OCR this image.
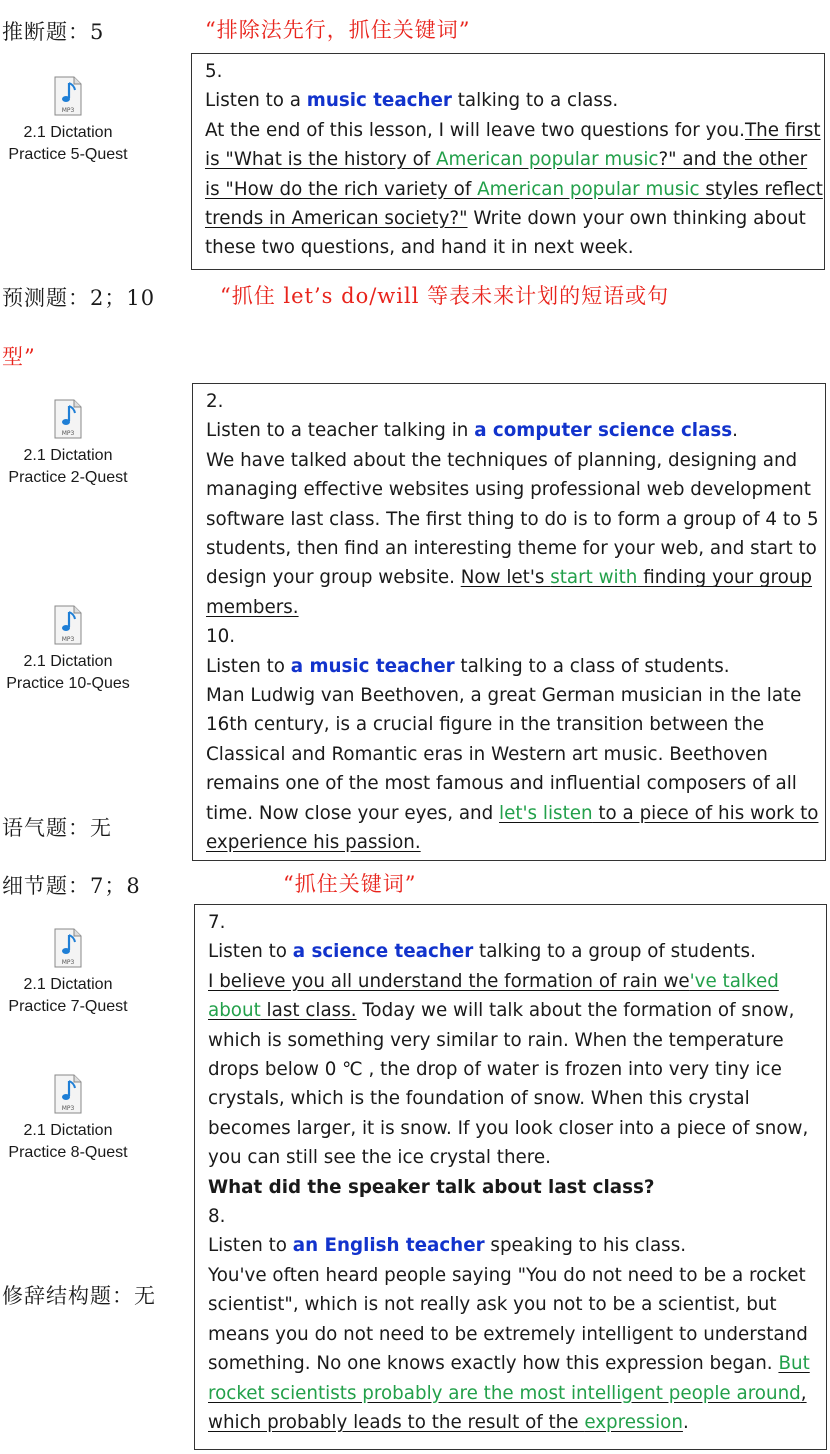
推断题：5	“排除法先行，抓住关键词”
MP3
2.1 Dictation
Practice 5-Quest

5.

Listen to a music teacher talking to a class.

At the end of this lesson, I will leave two questions for you.The first is "What is the history of American popular music?" and the other is "How do the rich variety of American popular music styles reflect trends in American society?" Write down your own thinking about these two questions, and hand it in next week.

预测题：2；10	“抓住 let’s do/will 等表未来计划的短语或句
型”
MP3
2.1 Dictation
Practice 2-Quest
MP3
2.1 Dictation
Practice 10-Ques

2.

Listen to a teacher talking in a computer science class.

We have talked about the techniques of planning, designing and managing effective websites using professional web development software last class. The first thing to do is to form a group of 4 to 5 students, then find an interesting theme for your web, and start to design your group website. Now let's start with finding your group members.

10.

Listen to a music teacher talking to a class of students.

Man Ludwig van Beethoven, a great German musician in the late 16th century, is a crucial figure in the transition between the Classical and Romantic eras in Western art music. Beethoven remains one of the most famous and influential composers of all time. Now close your eyes, and let's listen to a piece of his work to experience his passion.

语气题：无
细节题：7；8	“抓住关键词”
MP3
2.1 Dictation
Practice 7-Quest
MP3
2.1 Dictation
Practice 8-Quest

7.

Listen to a science teacher talking to a group of students.

I believe you all understand the formation of rain we've talked about last class. Today we will talk about the formation of snow, which is something very similar to rain. When the temperature drops below 0 ℃ , the drop of water is frozen into very tiny ice crystals, which is the foundation of snow. When this crystal becomes larger, it is snow. If you look closer into a piece of snow, you can still see the ice crystal there.

What did the speaker talk about last class?

8.

Listen to an English teacher speaking to his class.

You've often heard people saying "You do not need to be a rocket scientist", which is not really ask you not to be a scientist, but means you do not need to be extremely intelligent to understand something. No one knows exactly how this expression began. But rocket scientists probably are the most intelligent people around, which probably leads to the result of the expression.

修辞结构题：无
